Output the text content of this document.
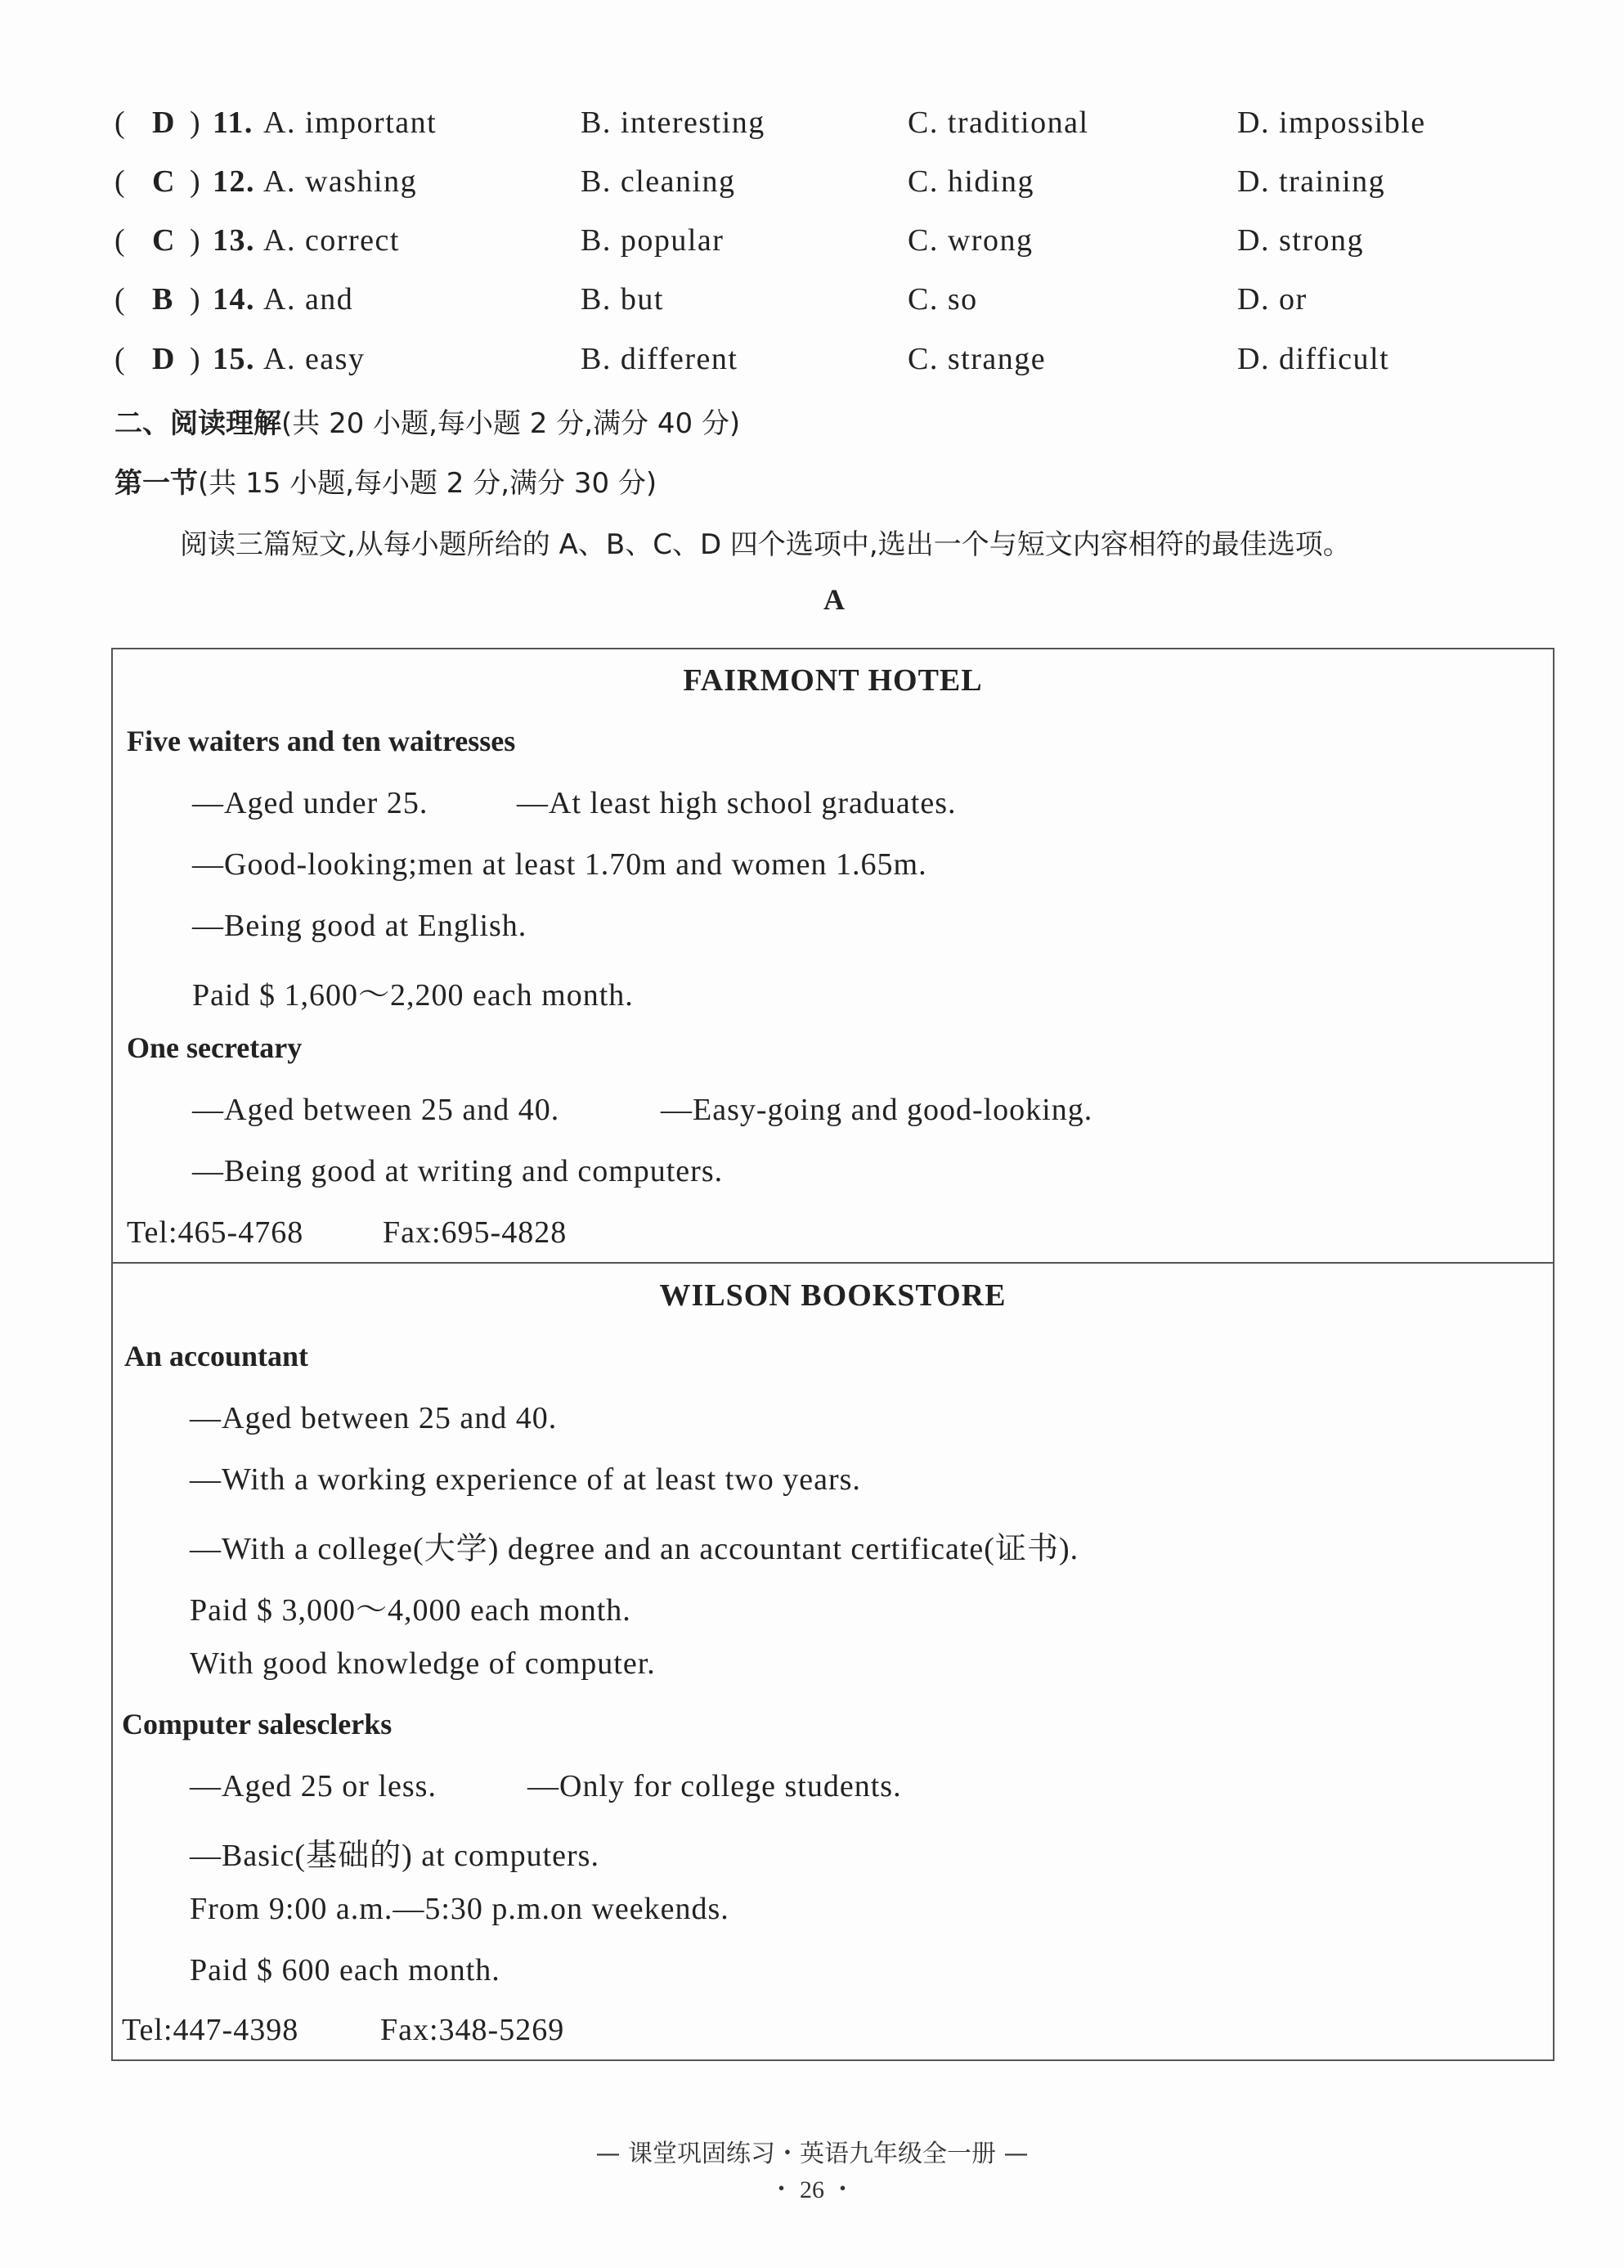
( D ) 11. A. important	B. interesting	C. traditional	D. impossible
( C ) 12. A. washing	B. cleaning	C. hiding	D. training
( C ) 13. A. correct	B. popular	C. wrong	D. strong
( B ) 14. A. and	B. but	C. so	D. or
( D ) 15. A. easy	B. different	C. strange	D. difficult
二、阅读理解(共 20 小题,每小题 2 分,满分 40 分)
第一节(共 15 小题,每小题 2 分,满分 30 分)
阅读三篇短文,从每小题所给的 A、B、C、D 四个选项中,选出一个与短文内容相符的最佳选项。
A
FAIRMONT HOTEL
Five waiters and ten waitresses
—Aged under 25.	—At least high school graduates.
—Good-looking;men at least 1.70m and women 1.65m.
—Being good at English.
Paid $ 1,600～2,200 each month.
One secretary
—Aged between 25 and 40.	—Easy-going and good-looking.
—Being good at writing and computers.
Tel:465-4768	Fax:695-4828
WILSON BOOKSTORE
An accountant
—Aged between 25 and 40.
—With a working experience of at least two years.
—With a college(大学) degree and an accountant certificate(证书).
Paid $ 3,000～4,000 each month.
With good knowledge of computer.
Computer salesclerks
—Aged 25 or less.	—Only for college students.
—Basic(基础的) at computers.
From 9:00 a.m.—5:30 p.m.on weekends.
Paid $ 600 each month.
Tel:447-4398	Fax:348-5269
— 课堂巩固练习・英语九年级全一册 —
・ 26 ・
